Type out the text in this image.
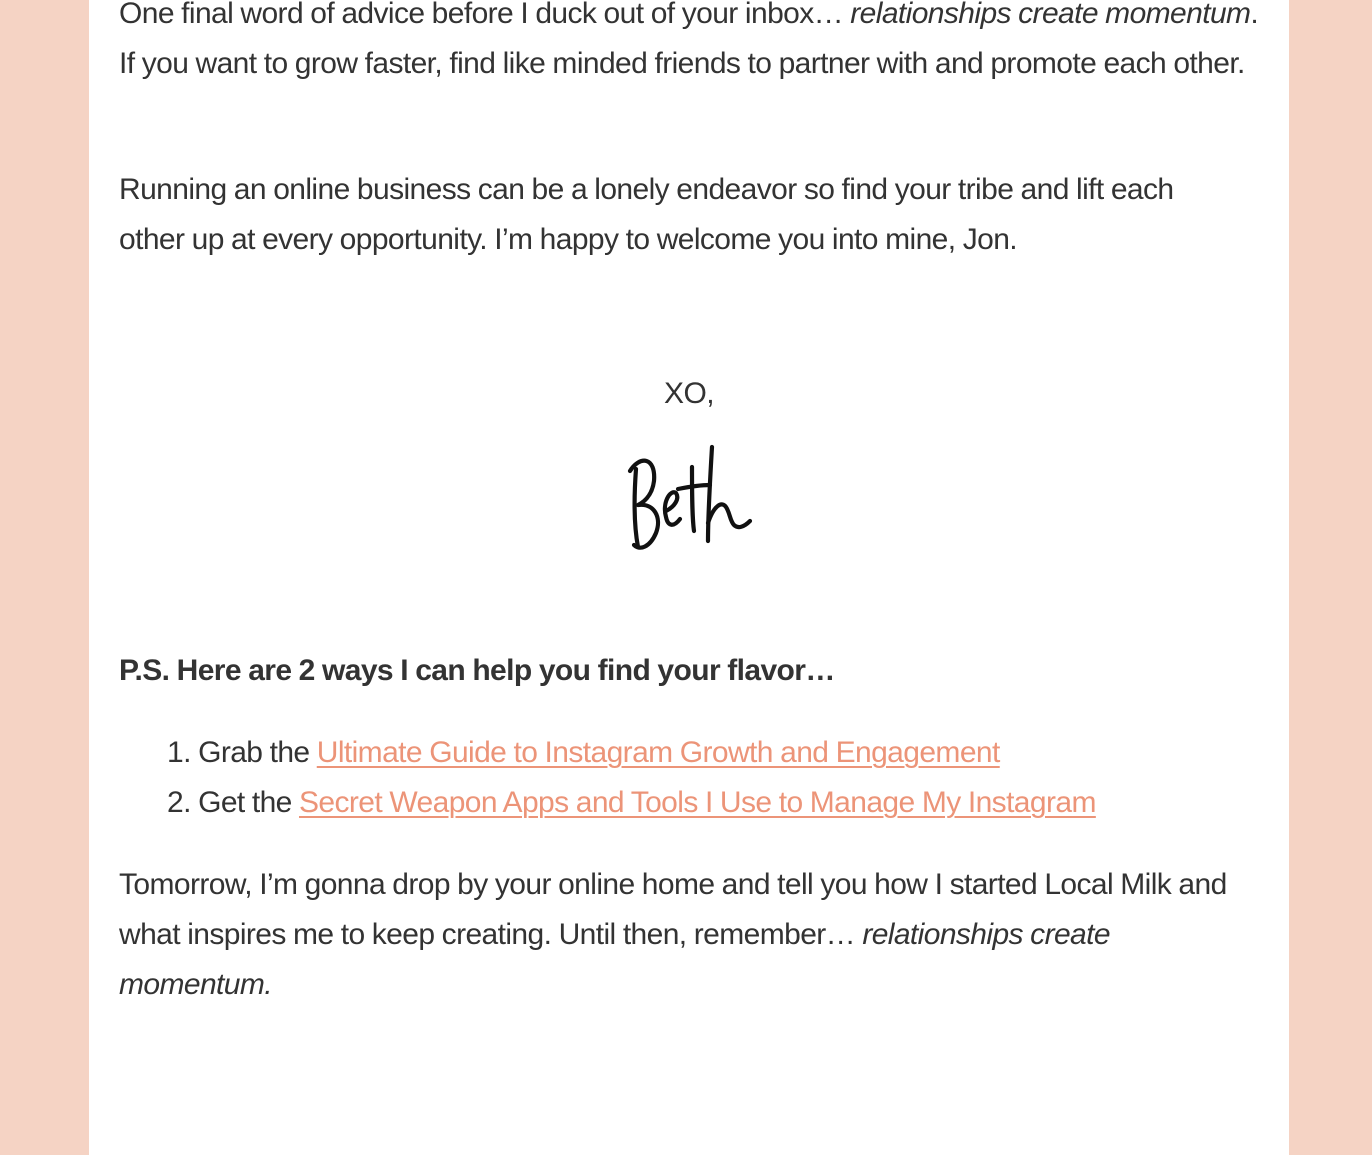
One final word of advice before I duck out of your inbox… relationships create momentum. If you want to grow faster, find like minded friends to partner with and promote each other.

Running an online business can be a lonely endeavor so find your tribe and lift each other up at every opportunity. I’m happy to welcome you into mine, Jon.

XO,

P.S. Here are 2 ways I can help you find your flavor…

1. Grab the Ultimate Guide to Instagram Growth and Engagement
2. Get the Secret Weapon Apps and Tools I Use to Manage My Instagram

Tomorrow, I’m gonna drop by your online home and tell you how I started Local Milk and what inspires me to keep creating. Until then, remember… relationships create momentum.
